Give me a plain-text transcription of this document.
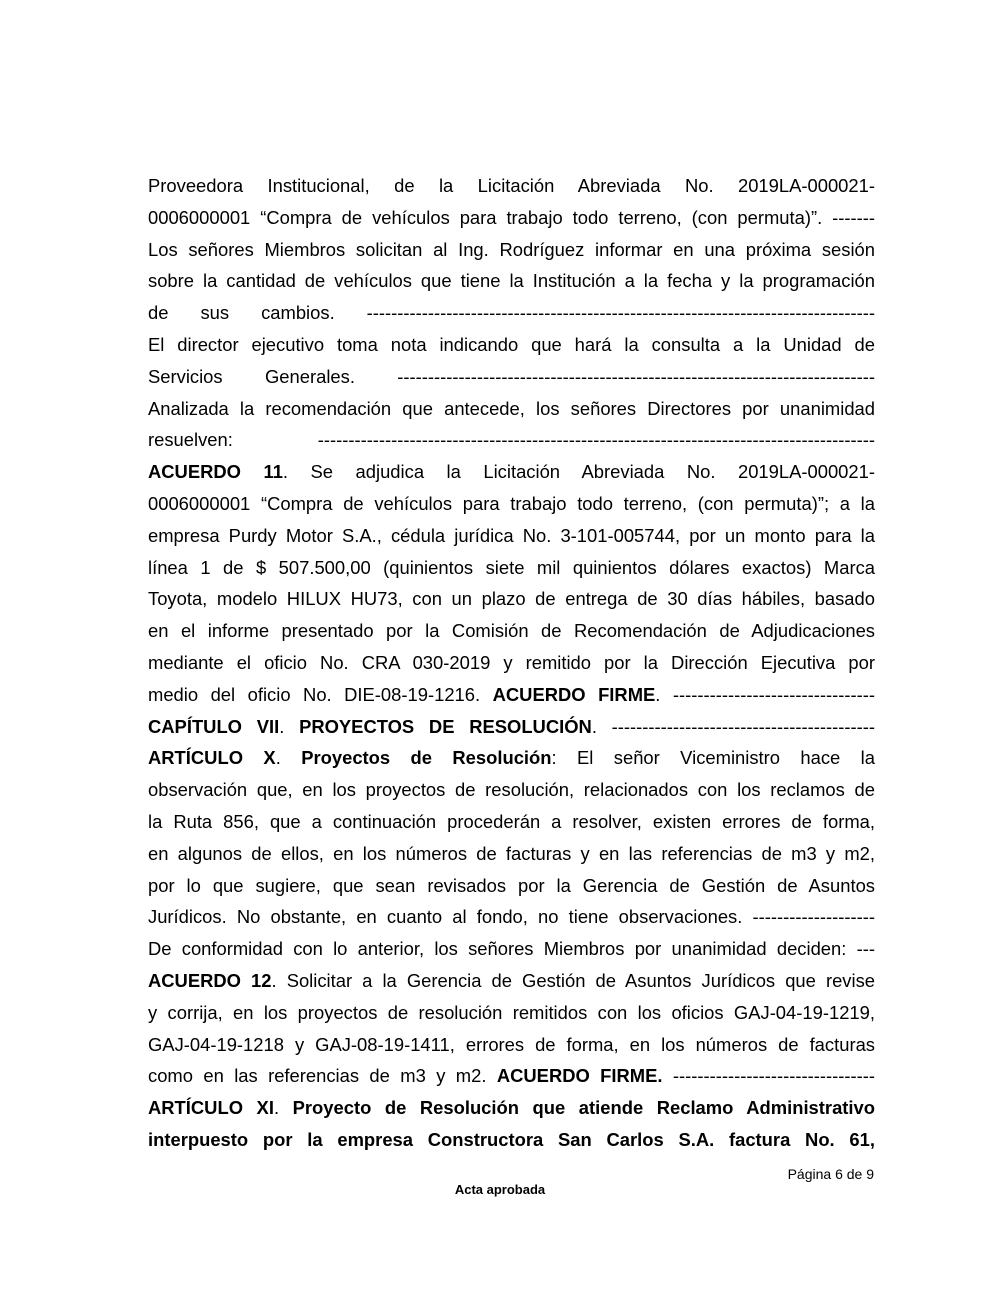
Proveedora Institucional, de la Licitación Abreviada No. 2019LA-000021-
0006000001 “Compra de vehículos para trabajo todo terreno, (con permuta)”. -------
Los señores Miembros solicitan al Ing. Rodríguez informar en una próxima sesión
sobre la cantidad de vehículos que tiene la Institución a la fecha y la programación
de sus cambios. -----------------------------------------------------------------------------------
El director ejecutivo toma nota indicando que hará la consulta a la Unidad de
Servicios Generales. ------------------------------------------------------------------------------
Analizada la recomendación que antecede, los señores Directores por unanimidad
resuelven: -------------------------------------------------------------------------------------------
ACUERDO 11. Se adjudica la Licitación Abreviada No. 2019LA-000021-
0006000001 “Compra de vehículos para trabajo todo terreno, (con permuta)”; a la
empresa Purdy Motor S.A., cédula jurídica No. 3-101-005744, por un monto para la
línea 1 de $ 507.500,00 (quinientos siete mil quinientos dólares exactos) Marca
Toyota, modelo HILUX HU73, con un plazo de entrega de 30 días hábiles, basado
en el informe presentado por la Comisión de Recomendación de Adjudicaciones
mediante el oficio No. CRA 030-2019 y remitido por la Dirección Ejecutiva por
medio del oficio No. DIE-08-19-1216. ACUERDO FIRME. ---------------------------------
CAPÍTULO VII. PROYECTOS DE RESOLUCIÓN. -------------------------------------------
ARTÍCULO X. Proyectos de Resolución: El señor Viceministro hace la
observación que, en los proyectos de resolución, relacionados con los reclamos de
la Ruta 856, que a continuación procederán a resolver, existen errores de forma,
en algunos de ellos, en los números de facturas y en las referencias de m3 y m2,
por lo que sugiere, que sean revisados por la Gerencia de Gestión de Asuntos
Jurídicos. No obstante, en cuanto al fondo, no tiene observaciones. --------------------
De conformidad con lo anterior, los señores Miembros por unanimidad deciden: ---
ACUERDO 12. Solicitar a la Gerencia de Gestión de Asuntos Jurídicos que revise
y corrija, en los proyectos de resolución remitidos con los oficios GAJ-04-19-1219,
GAJ-04-19-1218 y GAJ-08-19-1411, errores de forma, en los números de facturas
como en las referencias de m3 y m2. ACUERDO FIRME. ---------------------------------
ARTÍCULO XI. Proyecto de Resolución que atiende Reclamo Administrativo
interpuesto por la empresa Constructora San Carlos S.A. factura No. 61,
Página 6 de 9
Acta aprobada
